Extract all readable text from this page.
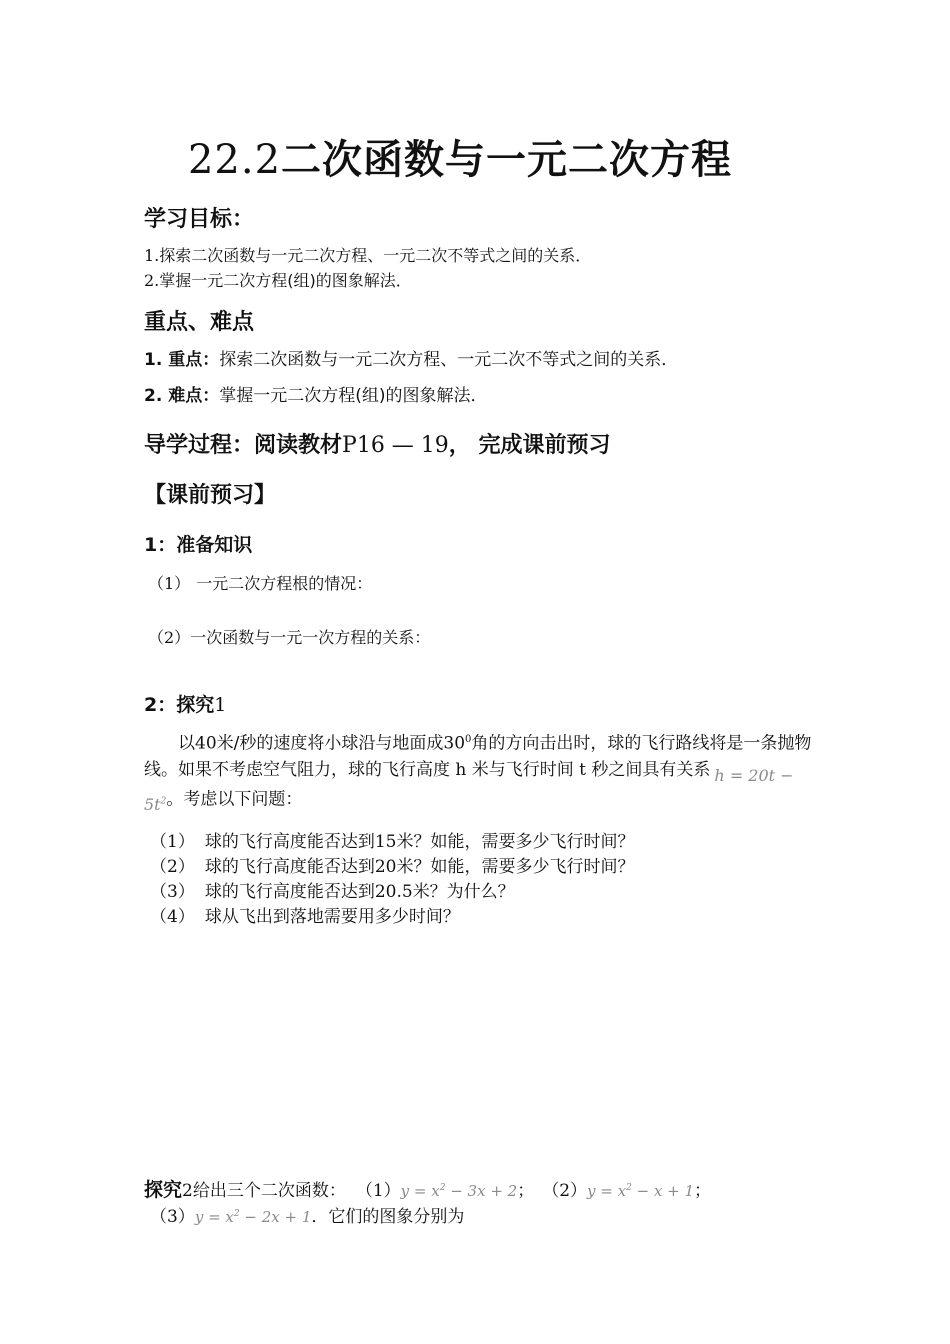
22.2二次函数与一元二次方程
学习目标：
1.探索二次函数与一元二次方程、一元二次不等式之间的关系．
2.掌握一元二次方程(组)的图象解法．
重点、难点
1. 重点：探索二次函数与一元二次方程、一元二次不等式之间的关系．
2. 难点：掌握一元二次方程(组)的图象解法．
导学过程：阅读教材P16 — 19， 完成课前预习
【课前预习】
1：准备知识
（1） 一元二次方程根的情况：
（2）一次函数与一元一次方程的关系：
2：探究1
以40米/秒的速度将小球沿与地面成$30^0$角的方向击出时，球的飞行路线将是一条抛物线。如果不考虑空气阻力，球的飞行高度 h 米与飞行时间 t 秒之间具有关系 $h = 20t - 5t^2$。考虑以下问题：
（1） 球的飞行高度能否达到15米？如能，需要多少飞行时间？
（2） 球的飞行高度能否达到20米？如能，需要多少飞行时间？
（3） 球的飞行高度能否达到20.5米？为什么？
（4） 球从飞出到落地需要用多少时间？
探究2给出三个二次函数： $(1)y = x^2 - 3x + 2$； $(2)y = x^2 - x + 1$；
$(3)y = x^2 - 2x + 1$．它们的图象分别为
